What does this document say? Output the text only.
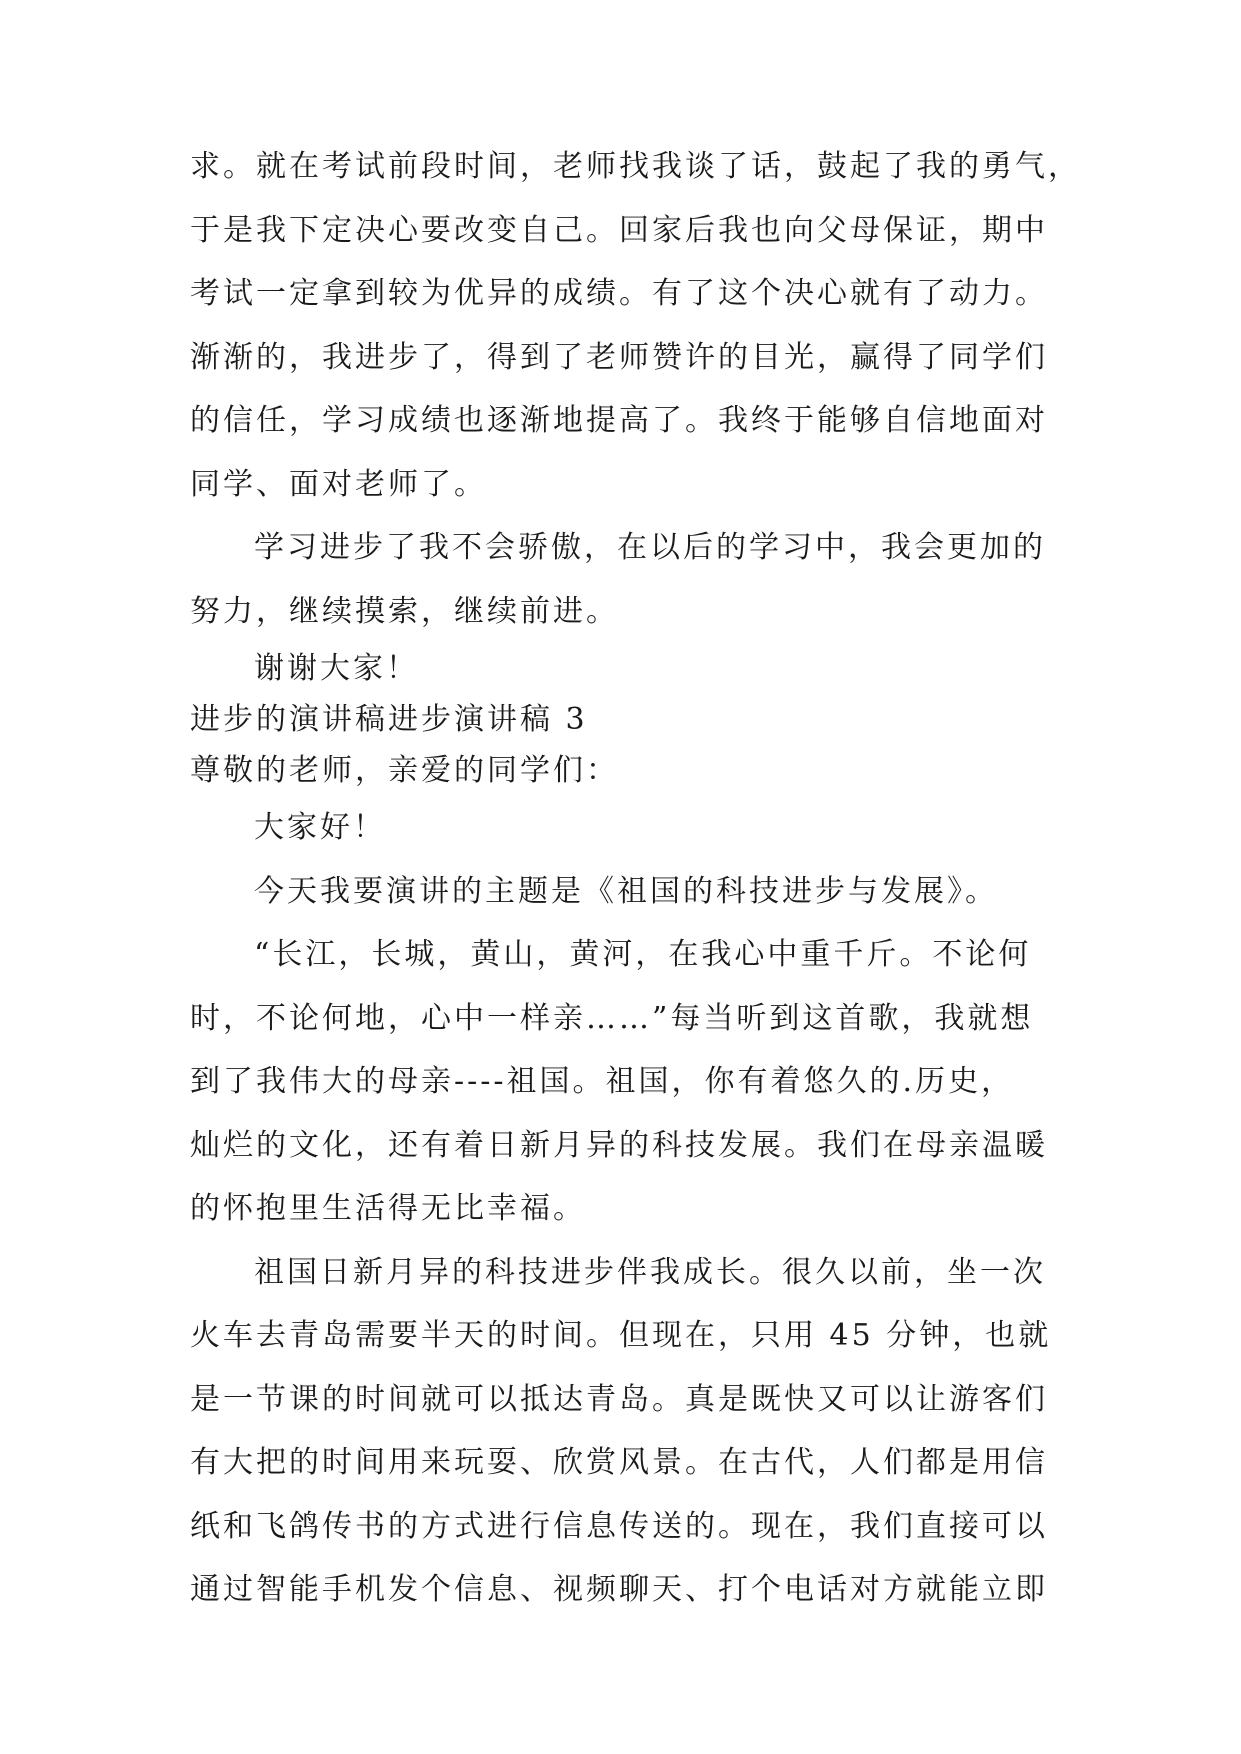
求。就在考试前段时间，老师找我谈了话，鼓起了我的勇气，
于是我下定决心要改变自己。回家后我也向父母保证，期中
考试一定拿到较为优异的成绩。有了这个决心就有了动力。
渐渐的，我进步了，得到了老师赞许的目光，赢得了同学们
的信任，学习成绩也逐渐地提高了。我终于能够自信地面对
同学、面对老师了。
学习进步了我不会骄傲，在以后的学习中，我会更加的
努力，继续摸索，继续前进。
谢谢大家！
进步的演讲稿进步演讲稿 3
尊敬的老师，亲爱的同学们：
大家好！
今天我要演讲的主题是《祖国的科技进步与发展》。
“长江，长城，黄山，黄河，在我心中重千斤。不论何
时，不论何地，心中一样亲……”每当听到这首歌，我就想
到了我伟大的母亲----祖国。祖国，你有着悠久的.历史，
灿烂的文化，还有着日新月异的科技发展。我们在母亲温暖
的怀抱里生活得无比幸福。
祖国日新月异的科技进步伴我成长。很久以前，坐一次
火车去青岛需要半天的时间。但现在，只用 45 分钟，也就
是一节课的时间就可以抵达青岛。真是既快又可以让游客们
有大把的时间用来玩耍、欣赏风景。在古代，人们都是用信
纸和飞鸽传书的方式进行信息传送的。现在，我们直接可以
通过智能手机发个信息、视频聊天、打个电话对方就能立即
